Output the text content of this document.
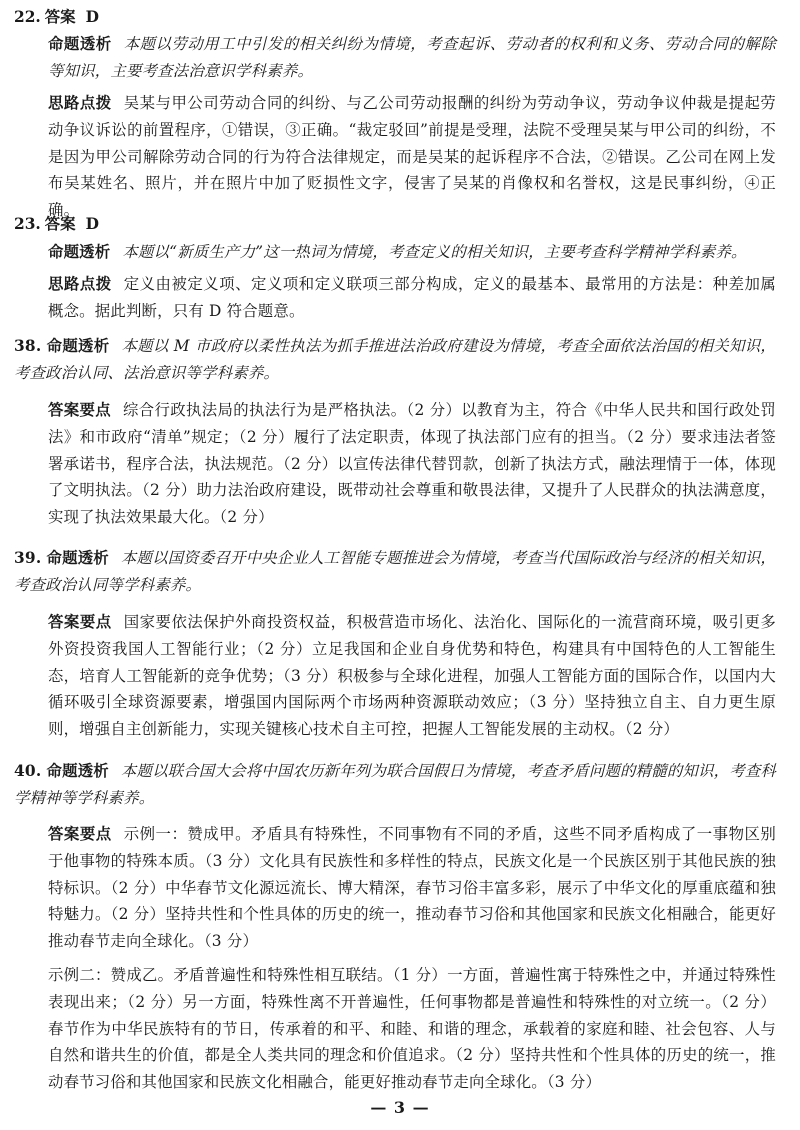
22. 答案 D

命题透析 本题以劳动用工中引发的相关纠纷为情境，考查起诉、劳动者的权利和义务、劳动合同的解除等知识，主要考查法治意识学科素养。

思路点拨 吴某与甲公司劳动合同的纠纷、与乙公司劳动报酬的纠纷为劳动争议，劳动争议仲裁是提起劳动争议诉讼的前置程序，①错误，③正确。“裁定驳回”前提是受理，法院不受理吴某与甲公司的纠纷，不是因为甲公司解除劳动合同的行为符合法律规定，而是吴某的起诉程序不合法，②错误。乙公司在网上发布吴某姓名、照片，并在照片中加了贬损性文字，侵害了吴某的肖像权和名誉权，这是民事纠纷，④正确。

23. 答案 D

命题透析 本题以“新质生产力”这一热词为情境，考查定义的相关知识，主要考查科学精神学科素养。

思路点拨 定义由被定义项、定义项和定义联项三部分构成，定义的最基本、最常用的方法是：种差加属概念。据此判断，只有 D 符合题意。

38. 命题透析 本题以 M 市政府以柔性执法为抓手推进法治政府建设为情境，考查全面依法治国的相关知识，考查政治认同、法治意识等学科素养。

答案要点 综合行政执法局的执法行为是严格执法。（2 分）以教育为主，符合《中华人民共和国行政处罚法》和市政府“清单”规定；（2 分）履行了法定职责，体现了执法部门应有的担当。（2 分）要求违法者签署承诺书，程序合法，执法规范。（2 分）以宣传法律代替罚款，创新了执法方式，融法理情于一体，体现了文明执法。（2 分）助力法治政府建设，既带动社会尊重和敬畏法律，又提升了人民群众的执法满意度，实现了执法效果最大化。（2 分）

39. 命题透析 本题以国资委召开中央企业人工智能专题推进会为情境，考查当代国际政治与经济的相关知识，考查政治认同等学科素养。

答案要点 国家要依法保护外商投资权益，积极营造市场化、法治化、国际化的一流营商环境，吸引更多外资投资我国人工智能行业；（2 分）立足我国和企业自身优势和特色，构建具有中国特色的人工智能生态，培育人工智能新的竞争优势；（3 分）积极参与全球化进程，加强人工智能方面的国际合作，以国内大循环吸引全球资源要素，增强国内国际两个市场两种资源联动效应；（3 分）坚持独立自主、自力更生原则，增强自主创新能力，实现关键核心技术自主可控，把握人工智能发展的主动权。（2 分）

40. 命题透析 本题以联合国大会将中国农历新年列为联合国假日为情境，考查矛盾问题的精髓的知识，考查科学精神等学科素养。

答案要点 示例一：赞成甲。矛盾具有特殊性，不同事物有不同的矛盾，这些不同矛盾构成了一事物区别于他事物的特殊本质。（3 分）文化具有民族性和多样性的特点，民族文化是一个民族区别于其他民族的独特标识。（2 分）中华春节文化源远流长、博大精深，春节习俗丰富多彩，展示了中华文化的厚重底蕴和独特魅力。（2 分）坚持共性和个性具体的历史的统一，推动春节习俗和其他国家和民族文化相融合，能更好推动春节走向全球化。（3 分）

示例二：赞成乙。矛盾普遍性和特殊性相互联结。（1 分）一方面，普遍性寓于特殊性之中，并通过特殊性表现出来；（2 分）另一方面，特殊性离不开普遍性，任何事物都是普遍性和特殊性的对立统一。（2 分）春节作为中华民族特有的节日，传承着的和平、和睦、和谐的理念，承载着的家庭和睦、社会包容、人与自然和谐共生的价值，都是全人类共同的理念和价值追求。（2 分）坚持共性和个性具体的历史的统一，推动春节习俗和其他国家和民族文化相融合，能更好推动春节走向全球化。（3 分）

— 3 —
